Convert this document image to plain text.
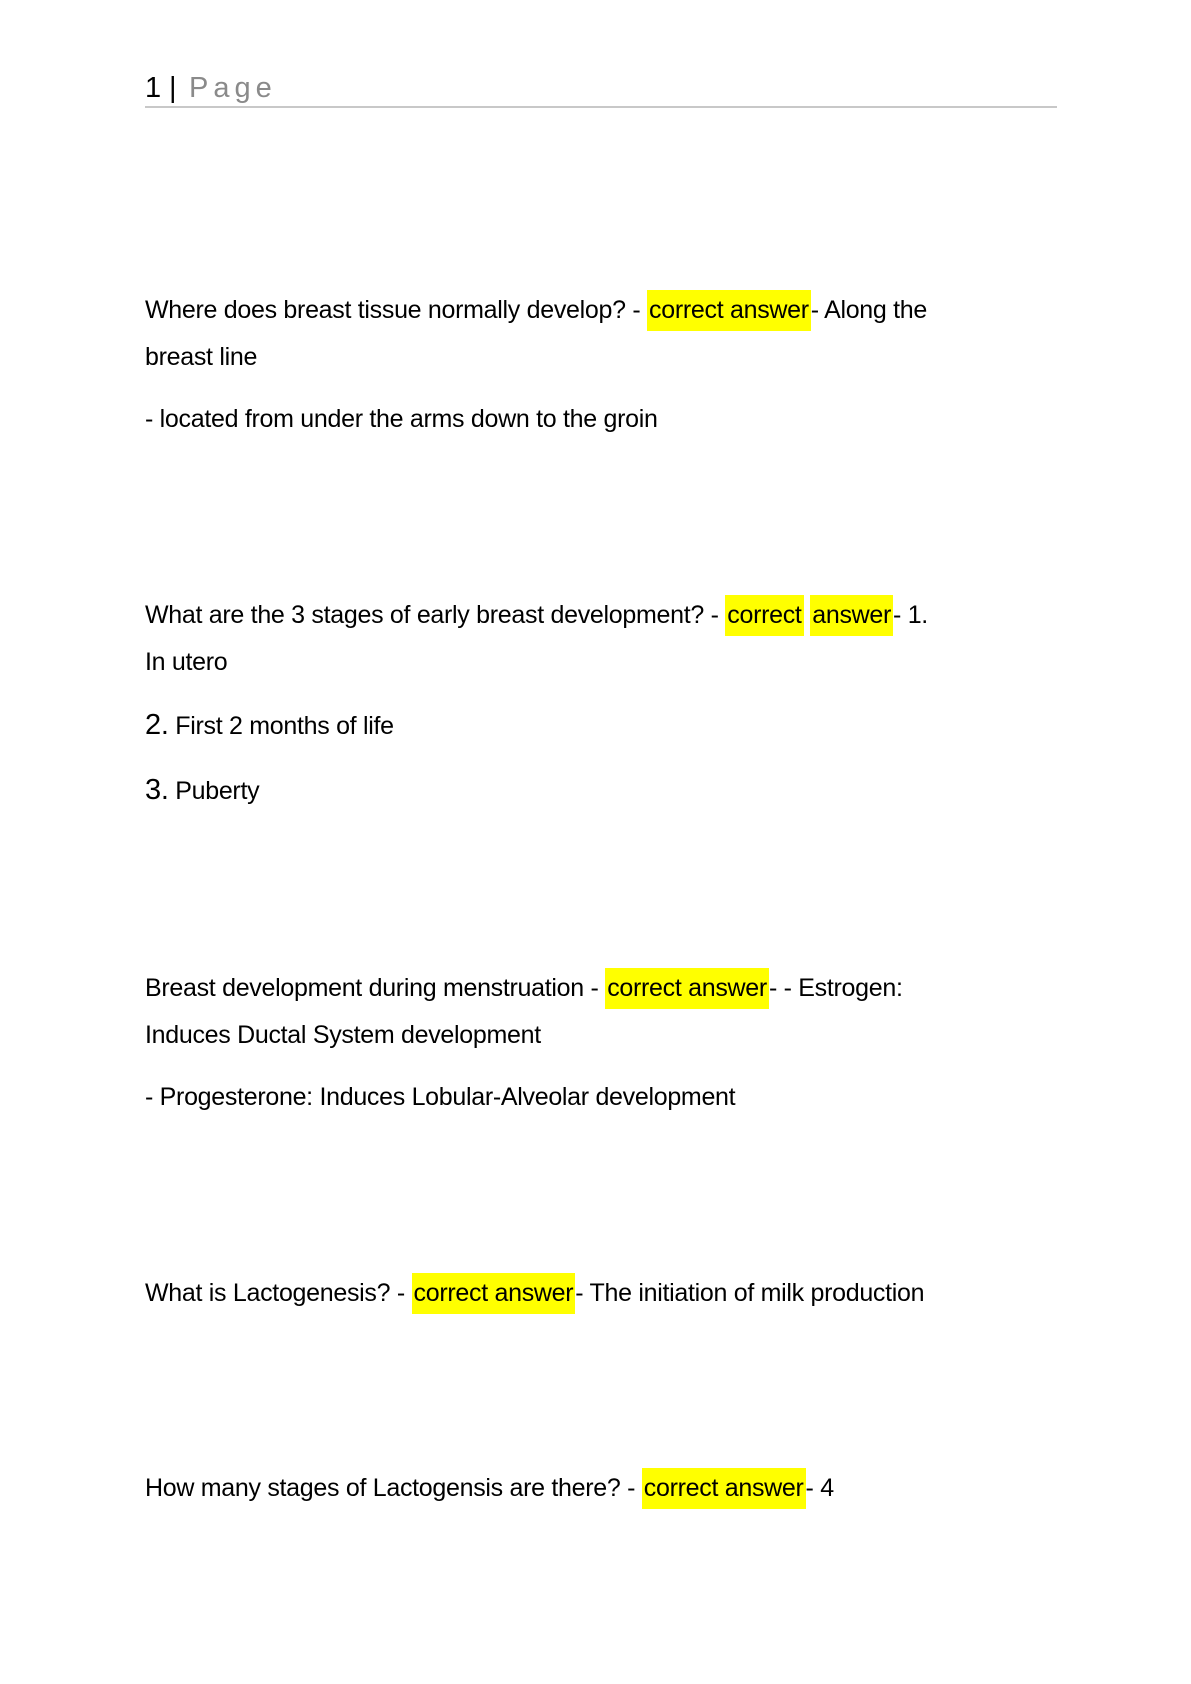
1 | Page
Where does breast tissue normally develop? - correct answer- Along the
breast line
- located from under the arms down to the groin
What are the 3 stages of early breast development? - correct answer- 1.
In utero
2. First 2 months of life
3. Puberty
Breast development during menstruation - correct answer- - Estrogen:
Induces Ductal System development
- Progesterone: Induces Lobular-Alveolar development
What is Lactogenesis? - correct answer- The initiation of milk production
How many stages of Lactogensis are there? - correct answer- 4
